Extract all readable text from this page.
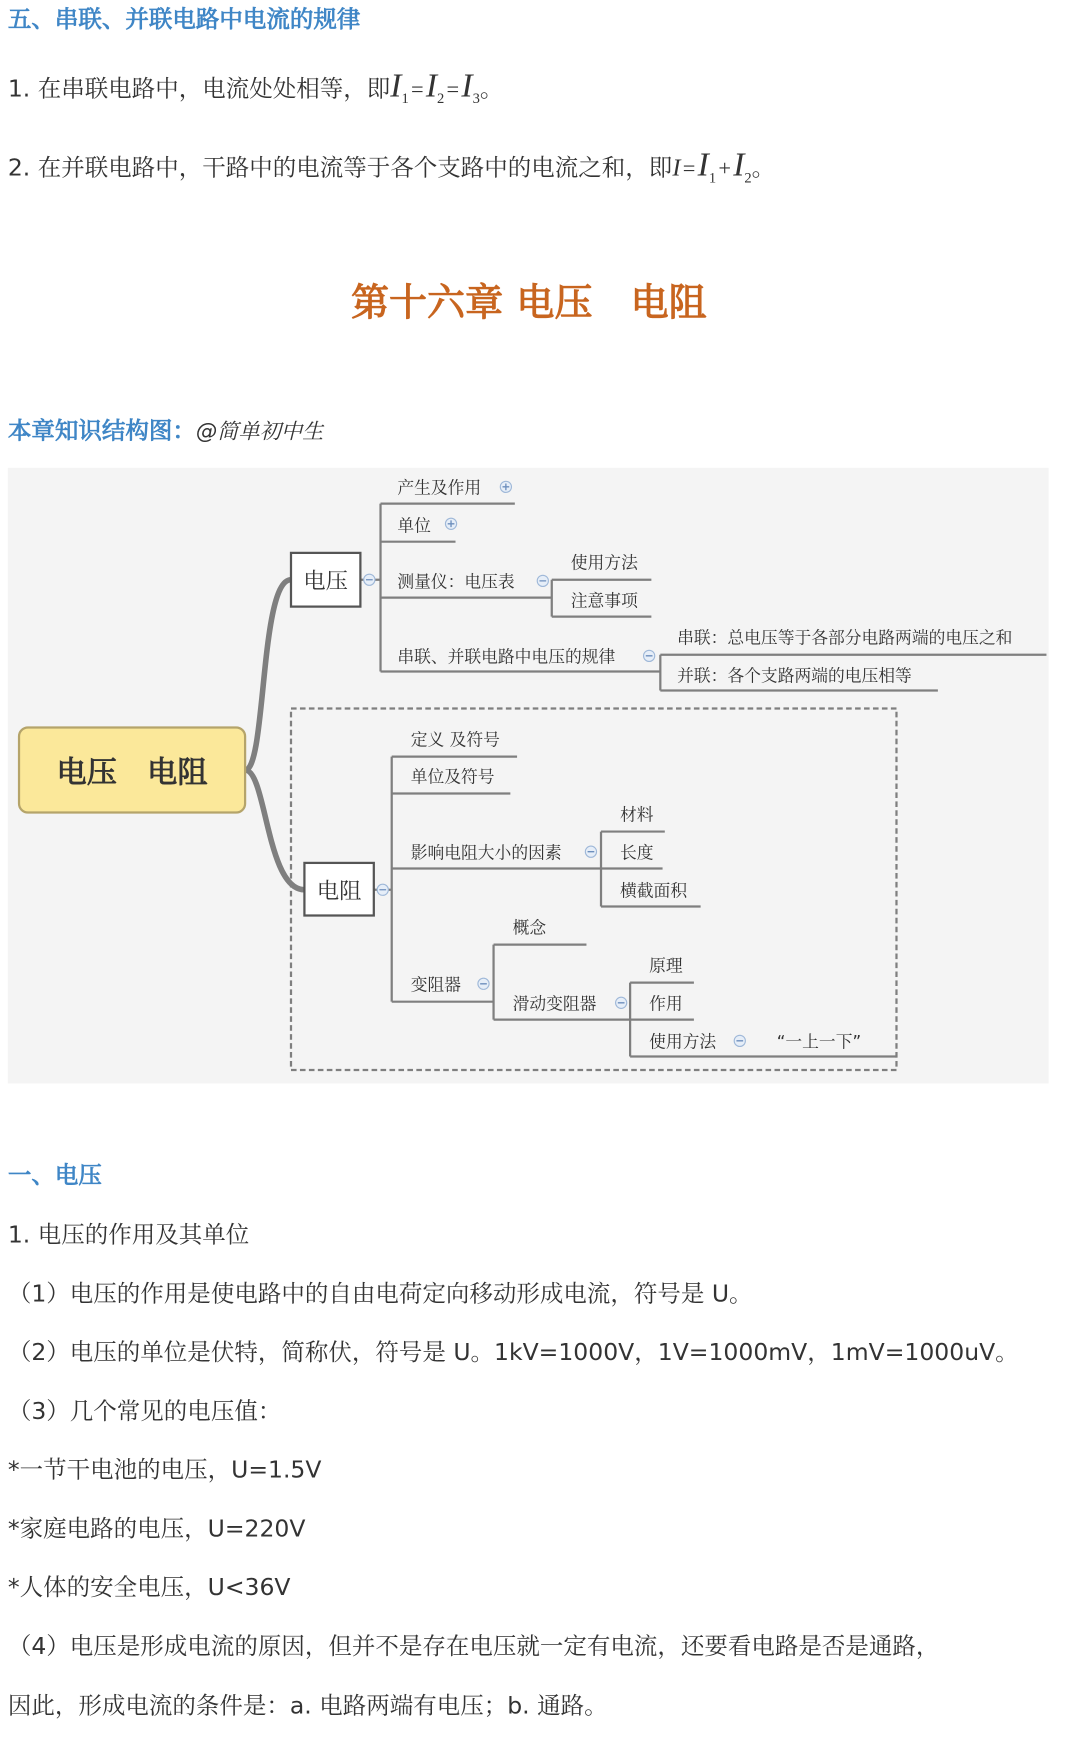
五、串联、并联电路中电流的规律
1. 在串联电路中，电流处处相等，即$I_1 =I_2 =I_3$。
2. 在并联电路中，干路中的电流等于各个支路中的电流之和，即$I =I_1 +I_2$。
第十六章 电压　电阻
本章知识结构图：@简单初中生
电压　电阻
电压
电阻
产生及作用
单位
测量仪：电压表
串联、并联电路中电压的规律
使用方法
注意事项
串联：总电压等于各部分电路两端的电压之和
并联：各个支路两端的电压相等
定义 及符号
单位及符号
影响电阻大小的因素
变阻器
材料
长度
横截面积
概念
滑动变阻器
原理
作用
使用方法	“一上一下”
一、电压
1. 电压的作用及其单位
（1）电压的作用是使电路中的自由电荷定向移动形成电流，符号是 U。
（2）电压的单位是伏特，简称伏，符号是 U。1kV=1000V，1V=1000mV，1mV=1000uV。
（3）几个常见的电压值：
*一节干电池的电压，U=1.5V
*家庭电路的电压，U=220V
*人体的安全电压，U<36V
（4）电压是形成电流的原因，但并不是存在电压就一定有电流，还要看电路是否是通路，
因此，形成电流的条件是：a. 电路两端有电压；b. 通路。
